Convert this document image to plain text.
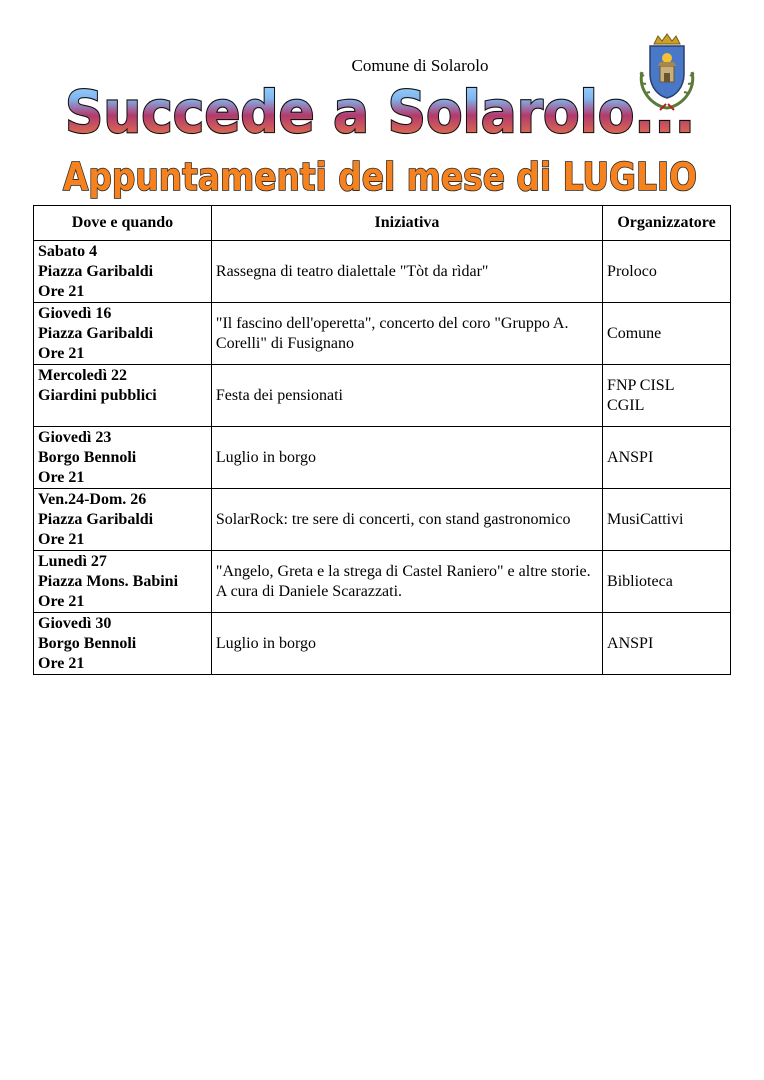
Comune di Solarolo
Succede a Solarolo...
Appuntamenti del mese di LUGLIO
Dove e quando	Iniziativa	Organizzatore

Sabato 4
Piazza Garibaldi
Ore 21	Rassegna di teatro dialettale "Tòt da rìdar"	Proloco

Giovedì 16
Piazza Garibaldi
Ore 21	"Il fascino dell'operetta", concerto del coro "Gruppo A. Corelli" di Fusignano	Comune

Mercoledì 22
Giardini pubblici	Festa dei pensionati	FNP CISL
CGIL

Giovedì 23
Borgo Bennoli
Ore 21	Luglio in borgo	ANSPI

Ven.24-Dom. 26
Piazza Garibaldi
Ore 21	SolarRock: tre sere di concerti, con stand gastronomico	MusiCattivi

Lunedì 27
Piazza Mons. Babini
Ore 21	"Angelo, Greta e la strega di Castel Raniero" e altre storie. A cura di Daniele Scarazzati.	Biblioteca

Giovedì 30
Borgo Bennoli
Ore 21	Luglio in borgo	ANSPI
